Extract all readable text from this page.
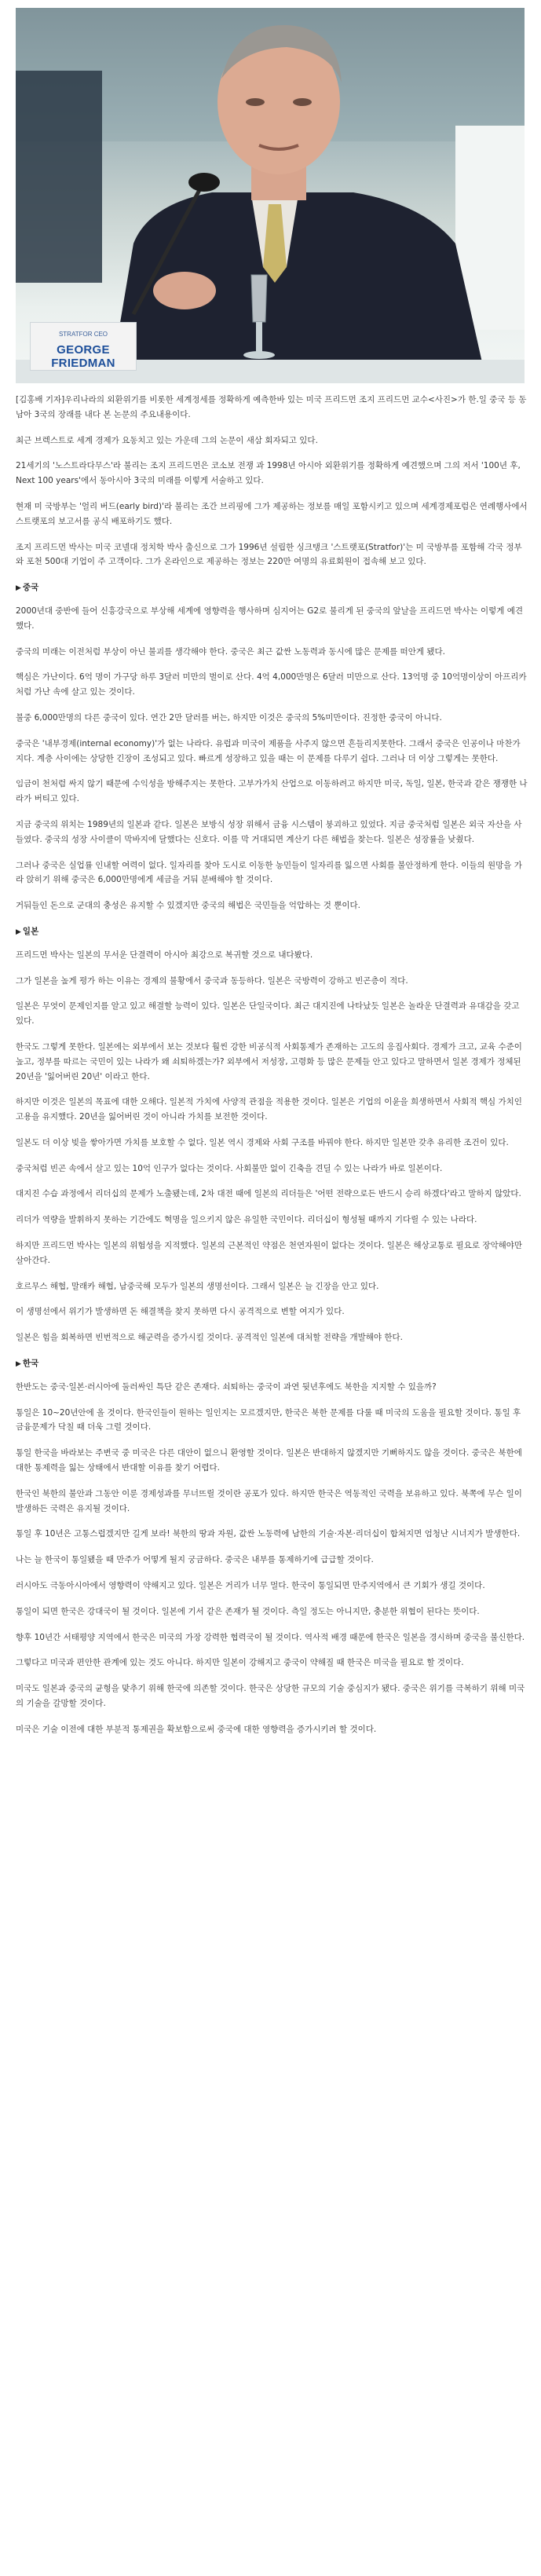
STRATFOR CEO
GEORGE FRIEDMAN

[김홍배 기자]우리나라의 외환위기를 비롯한 세계정세를 정확하게 예측한바 있는 미국 프리드먼 조지 프리드먼 교수<사진>가 한.일 중국 등 동남아 3국의 장래를 내다 본 논문의 주요내용이다.

최근 브렉스트로 세계 경제가 요동치고 있는 가운데 그의 논문이 새삼 회자되고 있다.

21세기의 '노스트라다무스'라 불리는 조지 프리드먼은 코소보 전쟁 과 1998년 아시아 외환위기를 정확하게 예견했으며 그의 저서 '100년 후, Next 100 years'에서 동아시아 3국의 미래를 이렇게 서술하고 있다.

현재 미 국방부는 '얼리 버드(early bird)'라 불리는 조간 브리핑에 그가 제공하는 정보를 매일 포함시키고 있으며 세계경제포럼은 연례행사에서 스트랫포의 보고서를 공식 배포하기도 했다.

조지 프리드먼 박사는 미국 코넬대 정치학 박사 출신으로 그가 1996년 설립한 싱크탱크 '스트랫포(Stratfor)'는 미 국방부를 포함해 각국 정부와 포천 500대 기업이 주 고객이다. 그가 온라인으로 제공하는 정보는 220만 여명의 유료회원이 접속해 보고 있다.

▶ 중국

2000년대 중반에 들어 신흥강국으로 부상해 세계에 영향력을 행사하며 심지어는 G2로 불리게 된 중국의 앞날을 프리드먼 박사는 이렇게 예견했다.

중국의 미래는 이전처럼 부상이 아닌 불괴를 생각해야 한다. 중국은 최근 값싼 노동력과 동시에 많은 문제를 떠안게 됐다.

핵심은 가난이다. 6억 명이 가구당 하루 3달러 미만의 벌이로 산다. 4억 4,000만명은 6달러 미만으로 산다. 13억명 중 10억명이상이 아프리카처럼 가난 속에 살고 있는 것이다.

불중 6,000만명의 다른 중국이 있다. 연간 2만 달러를 버는, 하지만 이것은 중국의 5%미만이다. 진정한 중국이 아니다.

중국은 '내부경제(internal economy)'가 없는 나라다. 유럽과 미국이 제품을 사주지 않으면 흔들리지못한다. 그래서 중국은 인공이나 마찬가지다. 계층 사이에는 상당한 긴장이 조성되고 있다. 빠르게 성장하고 있을 때는 이 문제를 다루기 쉽다. 그러나 더 이상 그렇게는 못한다.

임금이 천처럼 싸지 않기 때문에 수익성을 방해주지는 못한다. 고부가가치 산업으로 이동하려고 하지만 미국, 독일, 일본, 한국과 같은 쟁쟁한 나라가 버티고 있다.

지금 중국의 위치는 1989년의 일본과 같다. 일본은 보방식 성장 위해서 금융 시스템이 붕괴하고 있었다. 지금 중국처럼 일본은 외국 자산을 사들였다. 중국의 성장 사이클이 막바지에 달했다는 신호다. 이를 막 거대되면 계산기 다른 해법을 찾는다. 일본은 성장률을 낮췄다.

그러나 중국은 실업률 인내할 여력이 없다. 일자리를 찾아 도시로 이동한 농민들이 일자리를 잃으면 사회를 불안정하게 한다. 이들의 원망을 가라 앉히기 위해 중국은 6,000만명에게 세금을 거둬 분배해야 할 것이다.

거둬들인 돈으로 군대의 충성은 유지할 수 있겠지만 중국의 해법은 국민들을 억압하는 것 뿐이다.

▶ 일본

프리드먼 박사는 일본의 무서운 단결력이 아시아 최강으로 복귀할 것으로 내다봤다.

그가 일본을 높게 평가 하는 이유는 경제의 불황에서 중국과 동등하다. 일본은 국방력이 강하고 빈곤층이 적다.

일본은 무엇이 문제인지를 알고 있고 해결할 능력이 있다. 일본은 단일국이다. 최근 대지진에 나타났듯 일본은 놀라운 단결력과 유대감을 갖고 있다.

한국도 그렇게 못한다. 일본에는 외부에서 보는 것보다 훨씬 강한 비공식적 사회통제가 존재하는 고도의 응집사회다. 경제가 크고, 교육 수준이 높고, 정부를 따르는 국민이 있는 나라가 왜 쇠퇴하겠는가? 외부에서 저성장, 고령화 등 많은 문제들 안고 있다고 말하면서 일본 경제가 정체된 20년을 '잃어버린 20년' 이라고 한다.

하지만 이것은 일본의 목표에 대한 오해다. 일본적 가치에 사양적 관점을 적용한 것이다. 일본은 기업의 이윤을 희생하면서 사회적 핵심 가치인 고용을 유지했다. 20년을 잃어버린 것이 아니라 가치를 보전한 것이다.

일본도 더 이상 빚을 쌓아가면 가치를 보호할 수 없다. 일본 역시 경제와 사회 구조를 바꿔야 한다. 하지만 일본만 갖추 유리한 조건이 있다.

중국처럼 빈곤 속에서 살고 있는 10억 인구가 없다는 것이다. 사회불만 없이 긴축을 견딜 수 있는 나라가 바로 일본이다.

대지진 수습 과정에서 리더십의 문제가 노출됐는데, 2차 대전 때에 일본의 리더들은 '어떤 전략으로든 반드시 승리 하겠다'라고 말하지 않았다.

리더가 역량을 발휘하지 못하는 기간에도 혁명을 일으키지 않은 유일한 국민이다. 리더십이 형성될 때까지 기다릴 수 있는 나라다.

하지만 프리드먼 박사는 일본의 위험성을 지적했다. 일본의 근본적인 약점은 천연자원이 없다는 것이다. 일본은 해상교통로 필요로 장악해야만 살아간다.

호르무스 해협, 말래카 해협, 남중국해 모두가 일본의 생명선이다. 그래서 일본은 늘 긴장을 안고 있다.

이 생명선에서 위기가 발생하면 돈 해결책을 찾지 못하면 다시 공격적으로 변할 여지가 있다.

일본은 힘을 회복하면 빈번적으로 해군력을 증가시킬 것이다. 공격적인 일본에 대처할 전략을 개발해야 한다.

▶ 한국

한반도는 중국·일본·러시아에 둘러싸인 특단 같은 존재다. 쇠퇴하는 중국이 과연 뒷년후에도 북한을 지지할 수 있을까?

통일은 10~20년안에 올 것이다. 한국인들이 원하는 일인지는 모르겠지만, 한국은 북한 문제를 다룰 때 미국의 도움을 필요할 것이다. 통일 후 금융문제가 닥칠 때 더욱 그럴 것이다.

통일 한국을 바라보는 주변국 중 미국은 다른 대안이 없으니 환영할 것이다. 일본은 반대하지 않겠지만 기뻐하지도 않을 것이다. 중국은 북한에 대한 통제력을 잃는 상태에서 반대할 이유를 찾기 어렵다.

한국인 북한의 불안과 그동안 이룬 경제성과를 무너뜨릴 것이란 공포가 있다. 하지만 한국은 역동적인 국력을 보유하고 있다. 북쪽에 무슨 일이 발생하든 국력은 유지될 것이다.

통일 후 10년은 고통스럽겠지만 길게 보라! 북한의 땅과 자원, 값싼 노동력에 남한의 기술·자본·리더십이 합쳐지면 엄청난 시너지가 발생한다.

나는 늘 한국이 통일됐을 때 만주가 어떻게 될지 궁금하다. 중국은 내부를 통제하기에 급급할 것이다.

러시아도 극동아시아에서 영향력이 약해지고 있다. 일본은 거리가 너무 멀다. 한국이 통일되면 만주지역에서 큰 기회가 생길 것이다.

통일이 되면 한국은 강대국이 될 것이다. 일본에 기서 같은 존재가 될 것이다. 측일 정도는 아니지만, 충분한 위협이 된다는 뜻이다.

향후 10년간 서태평양 지역에서 한국은 미국의 가장 강력한 협력국이 될 것이다. 역사적 배경 때문에 한국은 일본을 경시하며 중국을 불신한다.

그렇다고 미국과 편안한 관계에 있는 것도 아니다. 하지만 일본이 강해지고 중국이 약해질 때 한국은 미국을 필요로 할 것이다.

미국도 일본과 중국의 균형을 맞추기 위해 한국에 의존할 것이다. 한국은 상당한 규모의 기술 중심지가 됐다. 중국은 위기를 극복하기 위해 미국의 기술을 갈망할 것이다.

미국은 기술 이전에 대한 부분적 통제권을 확보함으로써 중국에 대한 영향력을 증가시키려 할 것이다.
